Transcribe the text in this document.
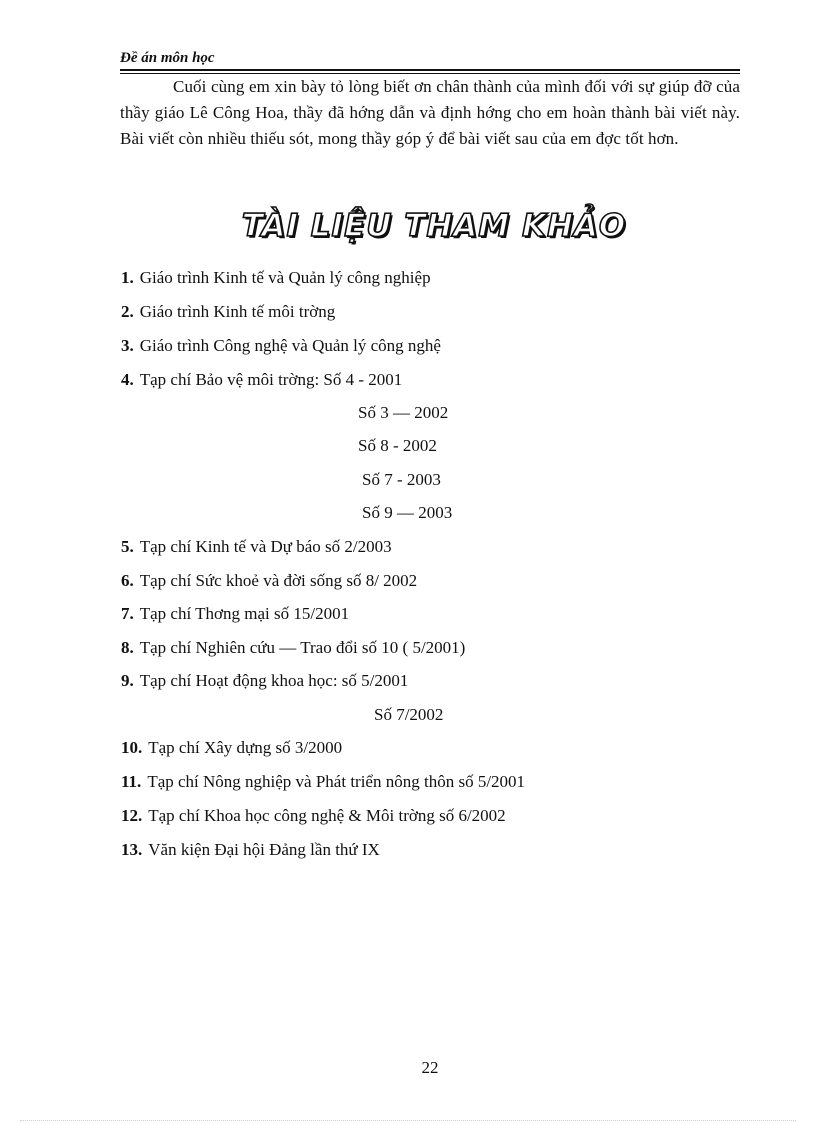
Đề án môn học

Cuối cùng em xin bày tỏ lòng biết ơn chân thành của mình đối với sự giúp đỡ của thầy giáo Lê Công Hoa, thầy đã hớng dẫn và định hớng cho em hoàn thành bài viết này. Bài viết còn nhiều thiếu sót, mong thầy góp ý để bài viết sau của em đợc tốt hơn.

TÀI LIỆU THAM KHẢO
1. Giáo trình Kinh tế và Quản lý công nghiệp
2. Giáo trình Kinh tế môi trờng
3. Giáo trình Công nghệ và Quản lý công nghệ
4. Tạp chí Bảo vệ môi trờng: Số 4 - 2001
Số 3 — 2002
Số 8 - 2002
Số 7 - 2003
Số 9 — 2003
5. Tạp chí Kinh tế và Dự báo số 2/2003
6. Tạp chí Sức khoẻ và đời sống số 8/ 2002
7. Tạp chí Thơng mại số 15/2001
8. Tạp chí Nghiên cứu — Trao đổi số 10 ( 5/2001)
9. Tạp chí Hoạt động khoa học: số 5/2001
Số 7/2002
10. Tạp chí Xây dựng số 3/2000
11. Tạp chí Nông nghiệp và Phát triển nông thôn số 5/2001
12. Tạp chí Khoa học công nghệ & Môi trờng số 6/2002
13. Văn kiện Đại hội Đảng lần thứ IX
22
